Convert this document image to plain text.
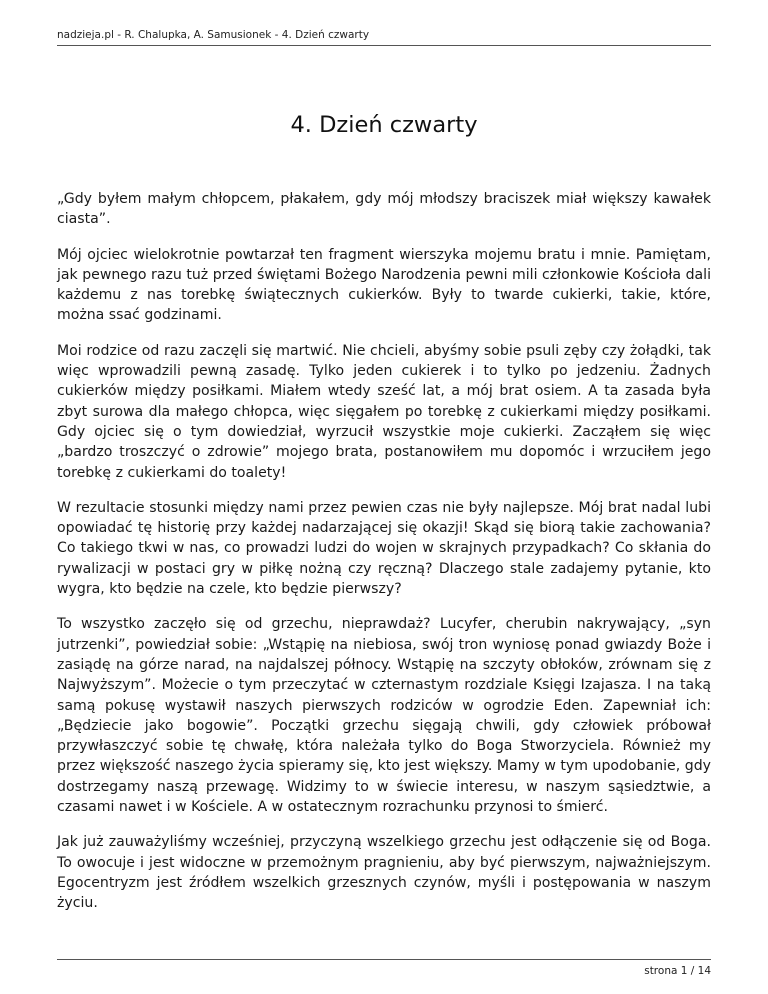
nadzieja.pl - R. Chalupka, A. Samusionek - 4. Dzień czwarty
4. Dzień czwarty

„Gdy byłem małym chłopcem, płakałem, gdy mój młodszy braciszek miał większy kawałek ciasta”.

Mój ojciec wielokrotnie powtarzał ten fragment wierszyka mojemu bratu i mnie. Pamiętam, jak pewnego razu tuż przed świętami Bożego Narodzenia pewni mili członkowie Kościoła dali każdemu z nas torebkę świątecznych cukierków. Były to twarde cukierki, takie, które, można ssać godzinami.

Moi rodzice od razu zaczęli się martwić. Nie chcieli, abyśmy sobie psuli zęby czy żołądki, tak więc wprowadzili pewną zasadę. Tylko jeden cukierek i to tylko po jedzeniu. Żadnych cukierków między posiłkami. Miałem wtedy sześć lat, a mój brat osiem. A ta zasada była zbyt surowa dla małego chłopca, więc sięgałem po torebkę z cukierkami między posiłkami. Gdy ojciec się o tym dowiedział, wyrzucił wszystkie moje cukierki. Zacząłem się więc „bardzo troszczyć o zdrowie” mojego brata, postanowiłem mu dopomóc i wrzuciłem jego torebkę z cukierkami do toalety!

W rezultacie stosunki między nami przez pewien czas nie były najlepsze. Mój brat nadal lubi opowiadać tę historię przy każdej nadarzającej się okazji! Skąd się biorą takie zachowania? Co takiego tkwi w nas, co prowadzi ludzi do wojen w skrajnych przypadkach? Co skłania do rywalizacji w postaci gry w piłkę nożną czy ręczną? Dlaczego stale zadajemy pytanie, kto wygra, kto będzie na czele, kto będzie pierwszy?

To wszystko zaczęło się od grzechu, nieprawdaż? Lucyfer, cherubin nakrywający, „syn jutrzenki”, powiedział sobie: „Wstąpię na niebiosa, swój tron wyniosę ponad gwiazdy Boże i zasiądę na górze narad, na najdalszej północy. Wstąpię na szczyty obłoków, zrównam się z Najwyższym”. Możecie o tym przeczytać w czternastym rozdziale Księgi Izajasza. I na taką samą pokusę wystawił naszych pierwszych rodziców w ogrodzie Eden. Zapewniał ich: „Będziecie jako bogowie”. Początki grzechu sięgają chwili, gdy człowiek próbował przywłaszczyć sobie tę chwałę, która należała tylko do Boga Stworzyciela. Również my przez większość naszego życia spieramy się, kto jest większy. Mamy w tym upodobanie, gdy dostrzegamy naszą przewagę. Widzimy to w świecie interesu, w naszym sąsiedztwie, a czasami nawet i w Kościele. A w ostatecznym rozrachunku przynosi to śmierć.

Jak już zauważyliśmy wcześniej, przyczyną wszelkiego grzechu jest odłączenie się od Boga. To owocuje i jest widoczne w przemożnym pragnieniu, aby być pierwszym, najważniejszym. Egocentryzm jest źródłem wszelkich grzesznych czynów, myśli i postępowania w naszym życiu.

strona 1 / 14
